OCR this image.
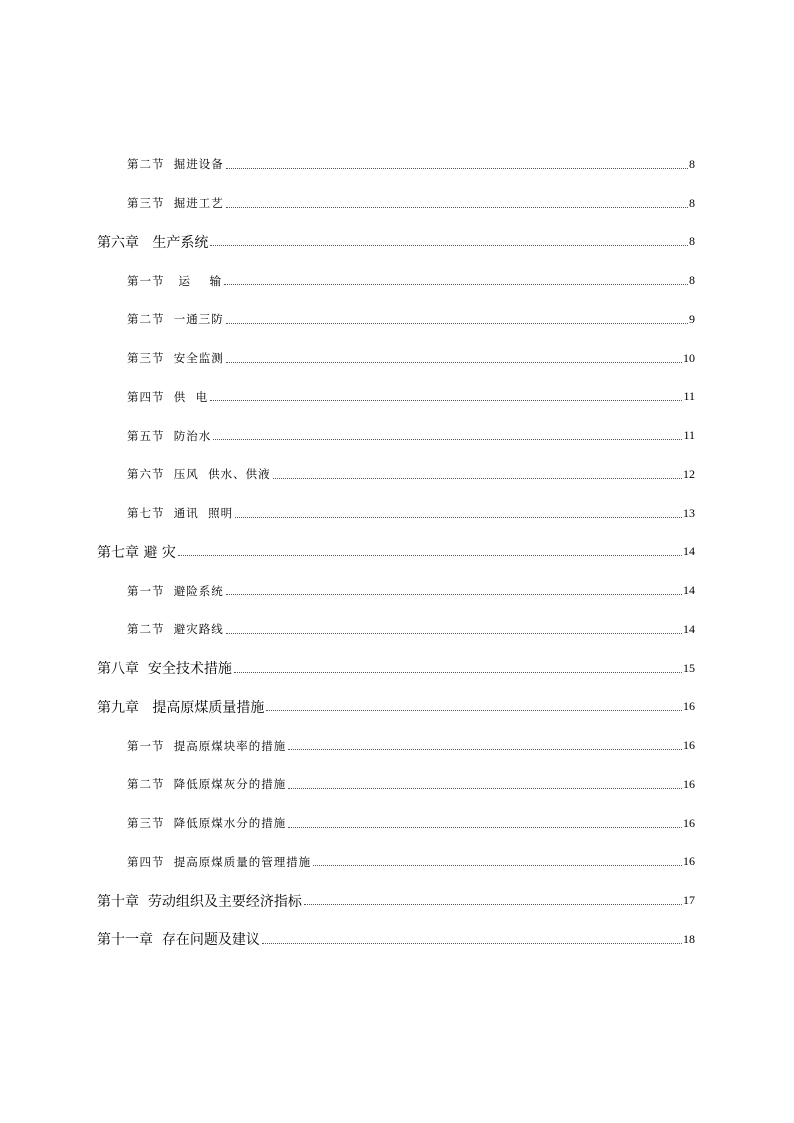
第二节  掘进设备	8
第三节  掘进工艺	8
第六章   生产系统	8
第一节   运    输	8
第二节  一通三防	9
第三节  安全监测	10
第四节  供  电	11
第五节  防治水	11
第六节  压风  供水、供液	12
第七节  通讯  照明	13
第七章 避 灾	14
第一节  避险系统	14
第二节  避灾路线	14
第八章  安全技术措施	15
第九章   提高原煤质量措施	16
第一节  提高原煤块率的措施	16
第二节  降低原煤灰分的措施	16
第三节  降低原煤水分的措施	16
第四节  提高原煤质量的管理措施	16
第十章  劳动组织及主要经济指标	17
第十一章  存在问题及建议	18
